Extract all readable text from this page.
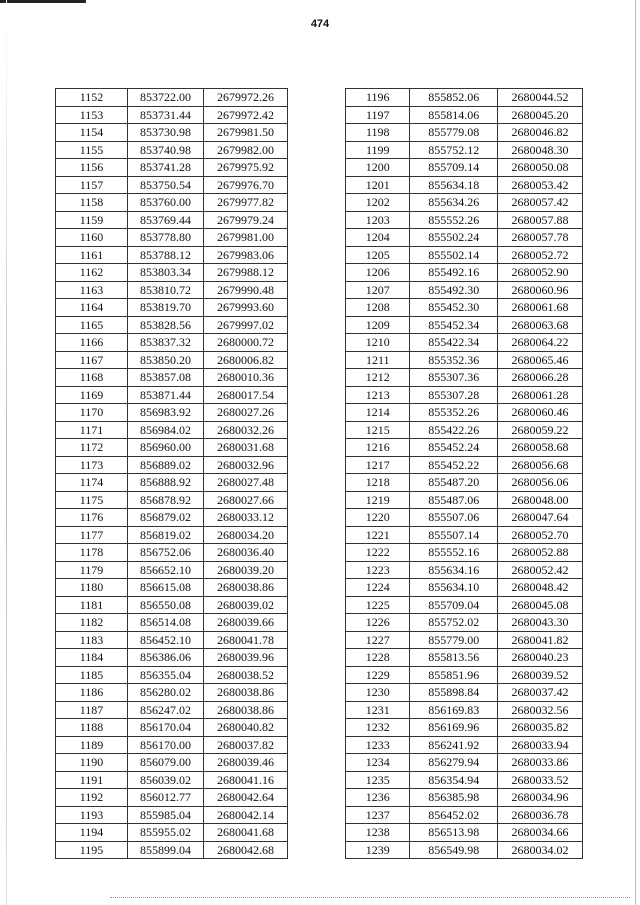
474
1152	853722.00	2679972.26
1153	853731.44	2679972.42
1154	853730.98	2679981.50
1155	853740.98	2679982.00
1156	853741.28	2679975.92
1157	853750.54	2679976.70
1158	853760.00	2679977.82
1159	853769.44	2679979.24
1160	853778.80	2679981.00
1161	853788.12	2679983.06
1162	853803.34	2679988.12
1163	853810.72	2679990.48
1164	853819.70	2679993.60
1165	853828.56	2679997.02
1166	853837.32	2680000.72
1167	853850.20	2680006.82
1168	853857.08	2680010.36
1169	853871.44	2680017.54
1170	856983.92	2680027.26
1171	856984.02	2680032.26
1172	856960.00	2680031.68
1173	856889.02	2680032.96
1174	856888.92	2680027.48
1175	856878.92	2680027.66
1176	856879.02	2680033.12
1177	856819.02	2680034.20
1178	856752.06	2680036.40
1179	856652.10	2680039.20
1180	856615.08	2680038.86
1181	856550.08	2680039.02
1182	856514.08	2680039.66
1183	856452.10	2680041.78
1184	856386.06	2680039.96
1185	856355.04	2680038.52
1186	856280.02	2680038.86
1187	856247.02	2680038.86
1188	856170.04	2680040.82
1189	856170.00	2680037.82
1190	856079.00	2680039.46
1191	856039.02	2680041.16
1192	856012.77	2680042.64
1193	855985.04	2680042.14
1194	855955.02	2680041.68
1195	855899.04	2680042.68
1196	855852.06	2680044.52
1197	855814.06	2680045.20
1198	855779.08	2680046.82
1199	855752.12	2680048.30
1200	855709.14	2680050.08
1201	855634.18	2680053.42
1202	855634.26	2680057.42
1203	855552.26	2680057.88
1204	855502.24	2680057.78
1205	855502.14	2680052.72
1206	855492.16	2680052.90
1207	855492.30	2680060.96
1208	855452.30	2680061.68
1209	855452.34	2680063.68
1210	855422.34	2680064.22
1211	855352.36	2680065.46
1212	855307.36	2680066.28
1213	855307.28	2680061.28
1214	855352.26	2680060.46
1215	855422.26	2680059.22
1216	855452.24	2680058.68
1217	855452.22	2680056.68
1218	855487.20	2680056.06
1219	855487.06	2680048.00
1220	855507.06	2680047.64
1221	855507.14	2680052.70
1222	855552.16	2680052.88
1223	855634.16	2680052.42
1224	855634.10	2680048.42
1225	855709.04	2680045.08
1226	855752.02	2680043.30
1227	855779.00	2680041.82
1228	855813.56	2680040.23
1229	855851.96	2680039.52
1230	855898.84	2680037.42
1231	856169.83	2680032.56
1232	856169.96	2680035.82
1233	856241.92	2680033.94
1234	856279.94	2680033.86
1235	856354.94	2680033.52
1236	856385.98	2680034.96
1237	856452.02	2680036.78
1238	856513.98	2680034.66
1239	856549.98	2680034.02
